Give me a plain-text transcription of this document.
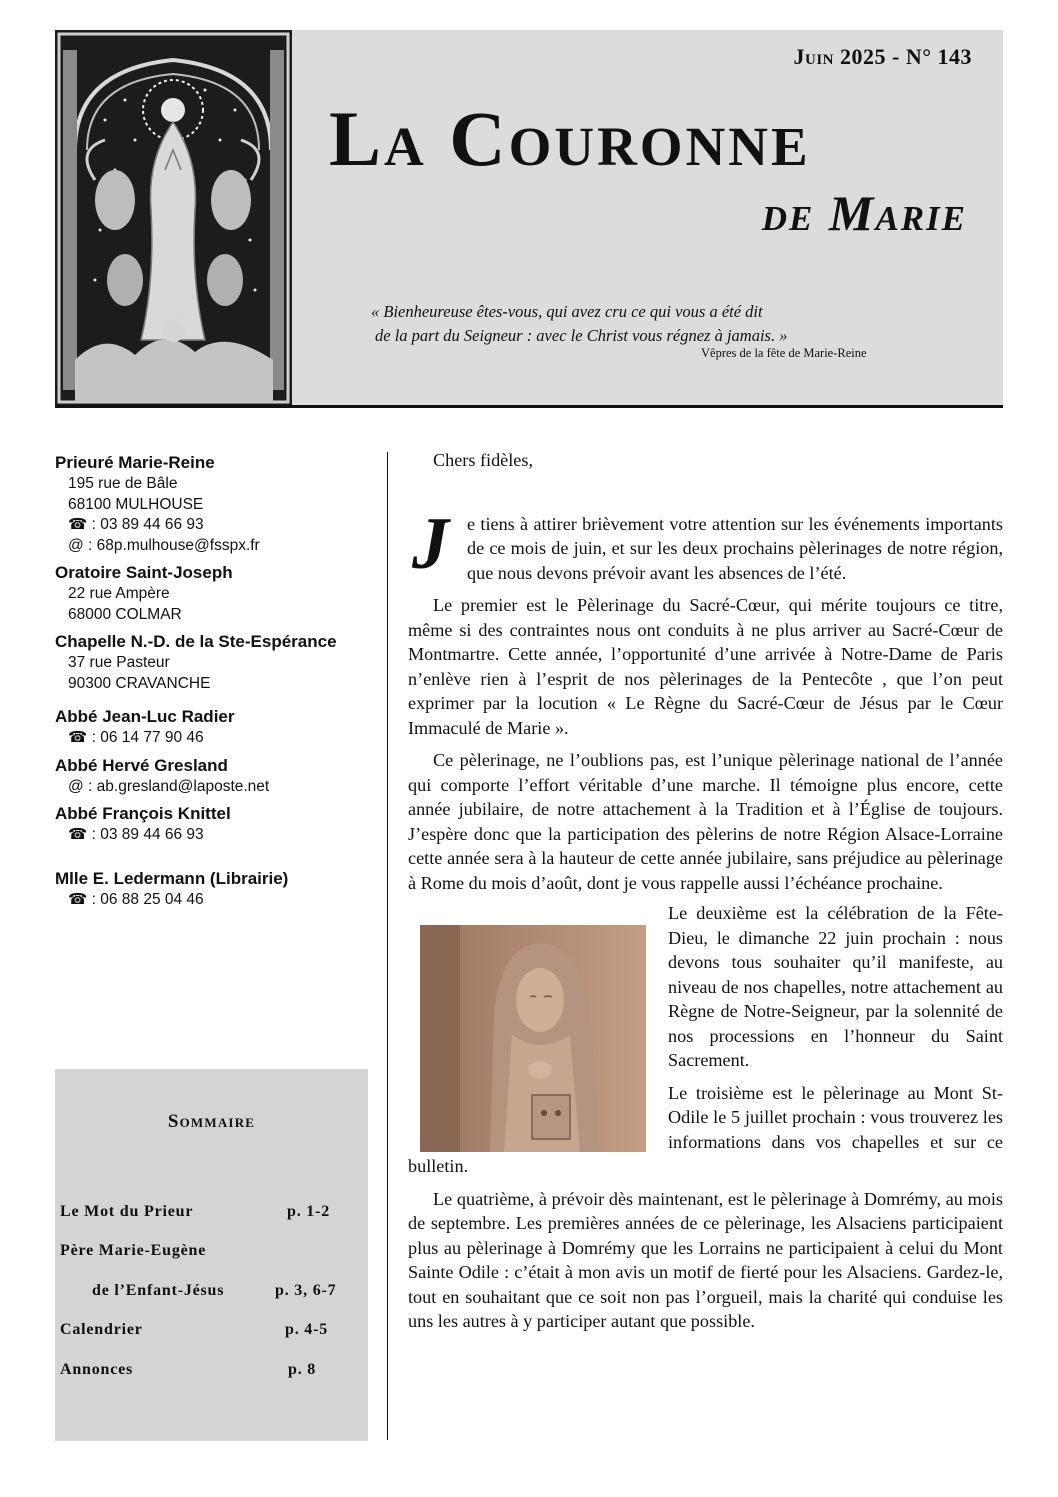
Juin 2025 - N° 143
La Couronne
de Marie
« Bienheureuse êtes-vous, qui avez cru ce qui vous a été dit
de la part du Seigneur : avec le Christ vous régnez à jamais. »
Vêpres de la fête de Marie-Reine
Prieuré Marie-Reine
195 rue de Bâle
68100 MULHOUSE
☎ : 03 89 44 66 93
@ : 68p.mulhouse@fsspx.fr
Oratoire Saint-Joseph
22 rue Ampère
68000 COLMAR
Chapelle N.-D. de la Ste-Espérance
37 rue Pasteur
90300 CRAVANCHE
Abbé Jean-Luc Radier
☎ : 06 14 77 90 46
Abbé Hervé Gresland
@ : ab.gresland@laposte.net
Abbé François Knittel
☎ : 03 89 44 66 93
Mlle E. Ledermann (Librairie)
☎ : 06 88 25 04 46
Sommaire
Le Mot du Prieur	p. 1-2
Père Marie-Eugène
de l’Enfant-Jésus	p. 3, 6-7
Calendrier	p. 4-5
Annonces	p. 8

Chers fidèles,

Je tiens à attirer brièvement votre attention sur les événements importants de ce mois de juin, et sur les deux prochains pèlerinages de notre région, que nous devons prévoir avant les absences de l’été.

Le premier est le Pèlerinage du Sacré-Cœur, qui mérite toujours ce titre, même si des contraintes nous ont conduits à ne plus arriver au Sacré-Cœur de Montmartre. Cette année, l’opportunité d’une arrivée à Notre-Dame de Paris n’enlève rien à l’esprit de nos pèlerinages de la Pentecôte , que l’on peut exprimer par la locution « Le Règne du Sacré-Cœur de Jésus par le Cœur Immaculé de Marie ».

Ce pèlerinage, ne l’oublions pas, est l’unique pèlerinage national de l’année qui comporte l’effort véritable d’une marche. Il témoigne plus encore, cette année jubilaire, de notre attachement à la Tradition et à l’Église de toujours. J’espère donc que la participation des pèlerins de notre Région Alsace-Lorraine cette année sera à la hauteur de cette année jubilaire, sans préjudice au pèlerinage à Rome du mois d’août, dont je vous rappelle aussi l’échéance prochaine.

Le deuxième est la célébration de la Fête-Dieu, le dimanche 22 juin prochain : nous devons tous souhaiter qu’il manifeste, au niveau de nos chapelles, notre attachement au Règne de Notre-Seigneur, par la solennité de nos processions en l’honneur du Saint Sacrement.

Le troisième est le pèlerinage au Mont St-Odile le 5 juillet prochain : vous trouverez les informations dans vos chapelles et sur ce bulletin.

Le quatrième, à prévoir dès maintenant, est le pèlerinage à Domrémy, au mois de septembre. Les premières années de ce pèlerinage, les Alsaciens participaient plus au pèlerinage à Domrémy que les Lorrains ne participaient à celui du Mont Sainte Odile : c’était à mon avis un motif de fierté pour les Alsaciens. Gardez-le, tout en souhaitant que ce soit non pas l’orgueil, mais la charité qui conduise les uns les autres à y participer autant que possible.
